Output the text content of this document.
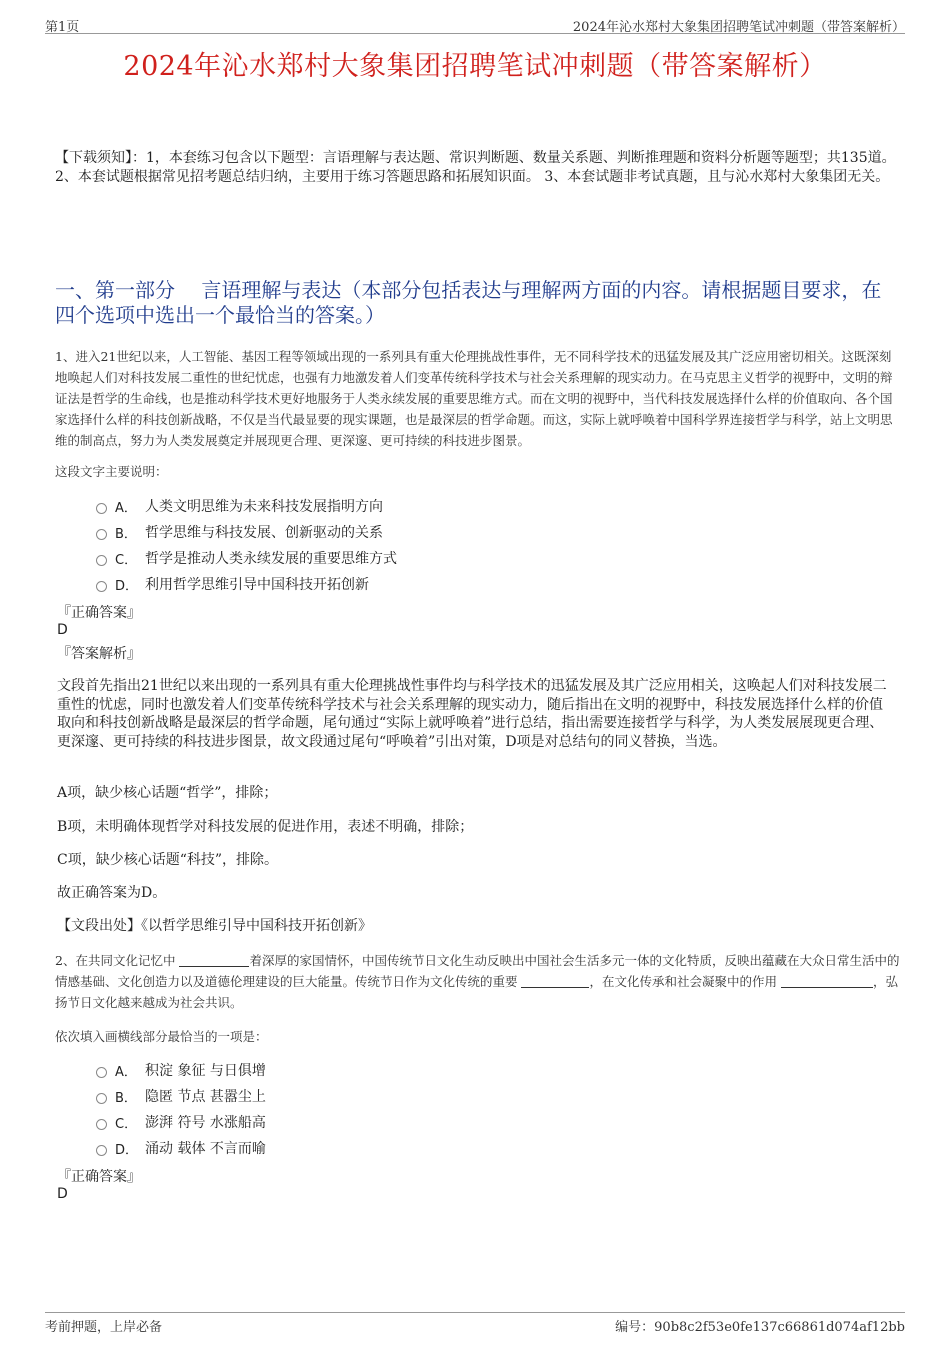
第1页	2024年沁水郑村大象集团招聘笔试冲刺题（带答案解析）
2024年沁水郑村大象集团招聘笔试冲刺题（带答案解析）
【下载须知】：1，本套练习包含以下题型：言语理解与表达题、常识判断题、数量关系题、判断推理题和资料分析题等题型；共135道。 2、本套试题根据常见招考题总结归纳，主要用于练习答题思路和拓展知识面。 3、本套试题非考试真题，且与沁水郑村大象集团无关。
一、第一部分　 言语理解与表达（本部分包括表达与理解两方面的内容。请根据题目要求，在四个选项中选出一个最恰当的答案。）
1、进入21世纪以来，人工智能、基因工程等领域出现的一系列具有重大伦理挑战性事件，无不同科学技术的迅猛发展及其广泛应用密切相关。这既深刻地唤起人们对科技发展二重性的世纪忧虑，也强有力地激发着人们变革传统科学技术与社会关系理解的现实动力。在马克思主义哲学的视野中，文明的辩证法是哲学的生命线，也是推动科学技术更好地服务于人类永续发展的重要思维方式。而在文明的视野中，当代科技发展选择什么样的价值取向、各个国家选择什么样的科技创新战略，不仅是当代最显要的现实课题，也是最深层的哲学命题。而这，实际上就呼唤着中国科学界连接哲学与科学，站上文明思维的制高点，努力为人类发展奠定并展现更合理、更深邃、更可持续的科技进步图景。
这段文字主要说明：
A． 人类文明思维为未来科技发展指明方向
B． 哲学思维与科技发展、创新驱动的关系
C． 哲学是推动人类永续发展的重要思维方式
D． 利用哲学思维引导中国科技开拓创新
『正确答案』
D
『答案解析』
文段首先指出21世纪以来出现的一系列具有重大伦理挑战性事件均与科学技术的迅猛发展及其广泛应用相关，这唤起人们对科技发展二重性的忧虑，同时也激发着人们变革传统科学技术与社会关系理解的现实动力，随后指出在文明的视野中，科技发展选择什么样的价值取向和科技创新战略是最深层的哲学命题，尾句通过“实际上就呼唤着”进行总结，指出需要连接哲学与科学，为人类发展展现更合理、更深邃、更可持续的科技进步图景，故文段通过尾句“呼唤着”引出对策，D项是对总结句的同义替换，当选。
A项，缺少核心话题“哲学”，排除；
B项，未明确体现哲学对科技发展的促进作用，表述不明确，排除；
C项，缺少核心话题“科技”，排除。
故正确答案为D。
【文段出处】《以哲学思维引导中国科技开拓创新》
2、在共同文化记忆中	着深厚的家国情怀，中国传统节日文化生动反映出中国社会生活多元一体的文化特质，反映出蕴藏在大众日常生活中的情感基础、文化创造力以及道德伦理建设的巨大能量。传统节日作为文化传统的重要	，在文化传承和社会凝聚中的作用	，弘扬节日文化越来越成为社会共识。
依次填入画横线部分最恰当的一项是：
A． 积淀 象征 与日俱增
B． 隐匿 节点 甚嚣尘上
C． 澎湃 符号 水涨船高
D． 涌动 载体 不言而喻
『正确答案』
D
考前押题，上岸必备	编号：90b8c2f53e0fe137c66861d074af12bb
